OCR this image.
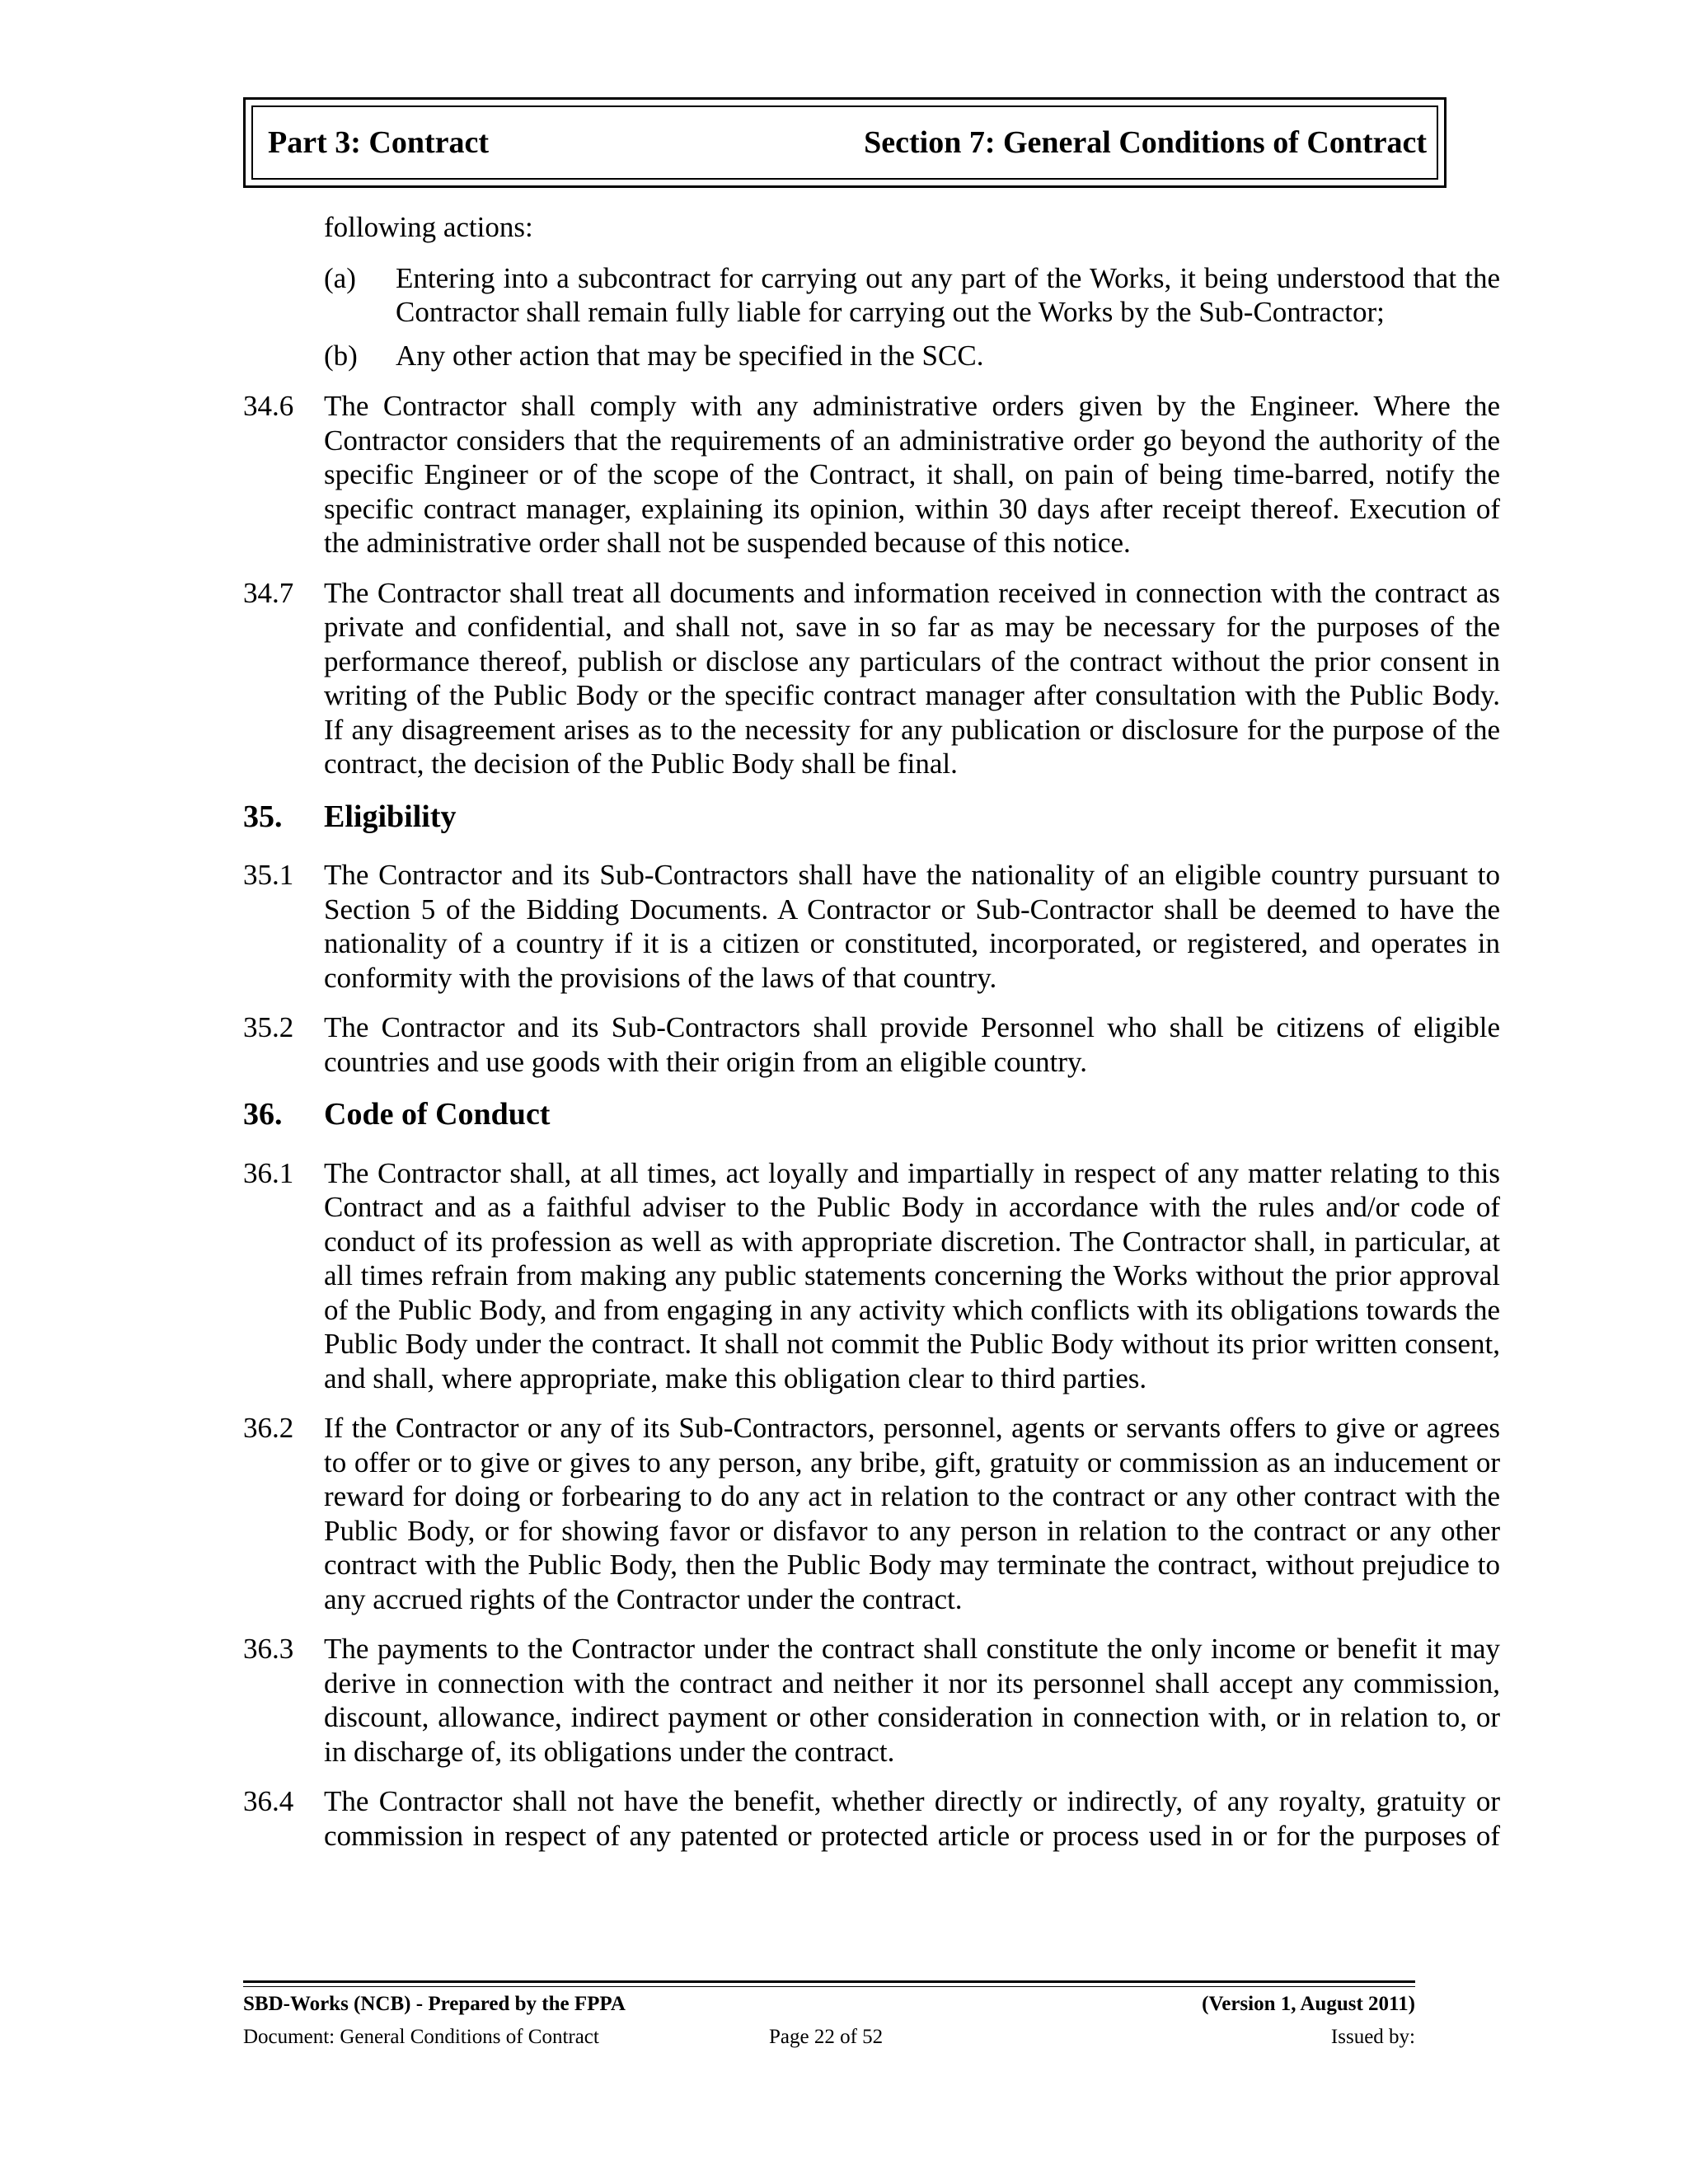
Part 3: Contract	Section 7: General Conditions of Contract

following actions:

(a)	Entering into a subcontract for carrying out any part of the Works, it being understood that the Contractor shall remain fully liable for carrying out the Works by the Sub-Contractor;
(b)	Any other action that may be specified in the SCC.
34.6	The Contractor shall comply with any administrative orders given by the Engineer. Where the Contractor considers that the requirements of an administrative order go beyond the authority of the specific Engineer or of the scope of the Contract, it shall, on pain of being time-barred, notify the specific contract manager, explaining its opinion, within 30 days after receipt thereof. Execution of the administrative order shall not be suspended because of this notice.
34.7	The Contractor shall treat all documents and information received in connection with the contract as private and confidential, and shall not, save in so far as may be necessary for the purposes of the performance thereof, publish or disclose any particulars of the contract without the prior consent in writing of the Public Body or the specific contract manager after consultation with the Public Body. If any disagreement arises as to the necessity for any publication or disclosure for the purpose of the contract, the decision of the Public Body shall be final.
35.	Eligibility
35.1	The Contractor and its Sub-Contractors shall have the nationality of an eligible country pursuant to Section 5 of the Bidding Documents. A Contractor or Sub-Contractor shall be deemed to have the nationality of a country if it is a citizen or constituted, incorporated, or registered, and operates in conformity with the provisions of the laws of that country.
35.2	The Contractor and its Sub-Contractors shall provide Personnel who shall be citizens of eligible countries and use goods with their origin from an eligible country.
36.	Code of Conduct
36.1	The Contractor shall, at all times, act loyally and impartially in respect of any matter relating to this Contract and as a faithful adviser to the Public Body in accordance with the rules and/or code of conduct of its profession as well as with appropriate discretion. The Contractor shall, in particular, at all times refrain from making any public statements concerning the Works without the prior approval of the Public Body, and from engaging in any activity which conflicts with its obligations towards the Public Body under the contract. It shall not commit the Public Body without its prior written consent, and shall, where appropriate, make this obligation clear to third parties.
36.2	If the Contractor or any of its Sub-Contractors, personnel, agents or servants offers to give or agrees to offer or to give or gives to any person, any bribe, gift, gratuity or commission as an inducement or reward for doing or forbearing to do any act in relation to the contract or any other contract with the Public Body, or for showing favor or disfavor to any person in relation to the contract or any other contract with the Public Body, then the Public Body may terminate the contract, without prejudice to any accrued rights of the Contractor under the contract.
36.3	The payments to the Contractor under the contract shall constitute the only income or benefit it may derive in connection with the contract and neither it nor its personnel shall accept any commission, discount, allowance, indirect payment or other consideration in connection with, or in relation to, or in discharge of, its obligations under the contract.
36.4	The Contractor shall not have the benefit, whether directly or indirectly, of any royalty, gratuity or commission in respect of any patented or protected article or process used in or for the purposes of
SBD-Works (NCB) - Prepared by the FPPA	(Version 1, August 2011)
Document: General Conditions of Contract	Page 22 of 52	Issued by:
